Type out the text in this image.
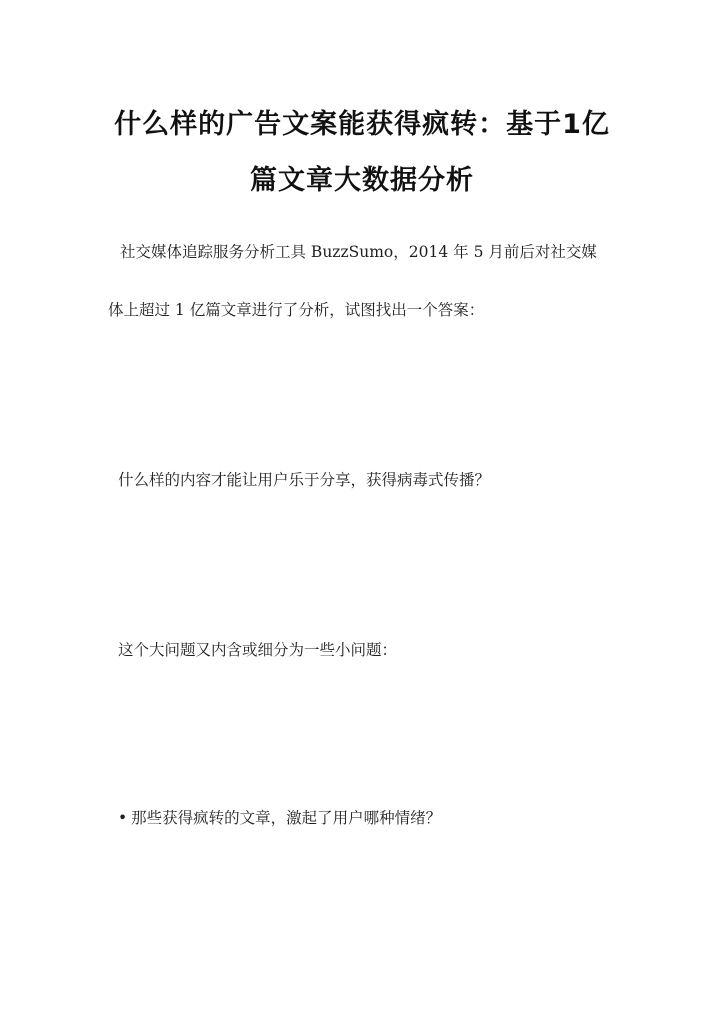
什么样的广告文案能获得疯转：基于1亿
篇文章大数据分析

社交媒体追踪服务分析工具 BuzzSumo，2014 年 5 月前后对社交媒

体上超过 1 亿篇文章进行了分析，试图找出一个答案：

什么样的内容才能让用户乐于分享，获得病毒式传播？

这个大问题又内含或细分为一些小问题：

• 那些获得疯转的文章，激起了用户哪种情绪？
